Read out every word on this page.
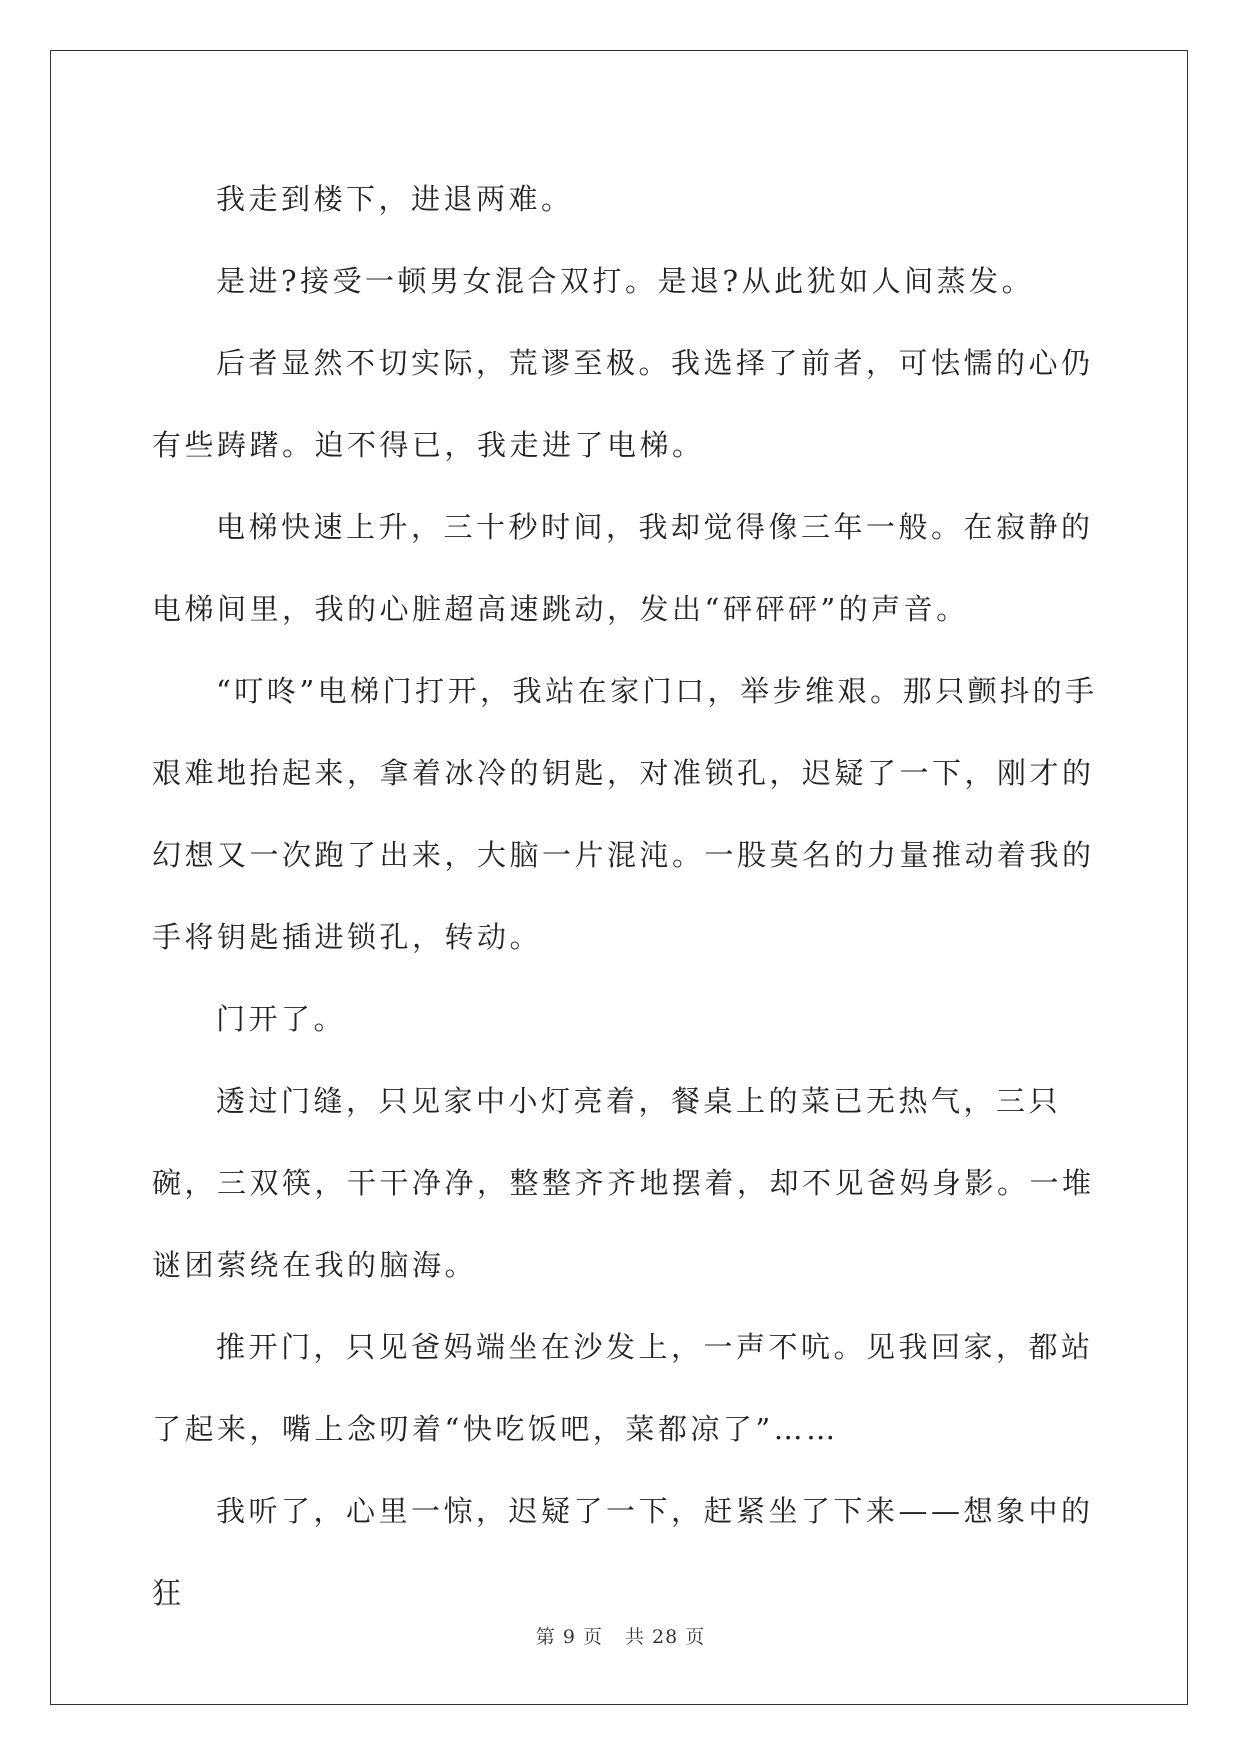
我走到楼下，进退两难。

是进?接受一顿男女混合双打。是退?从此犹如人间蒸发。

后者显然不切实际，荒谬至极。我选择了前者，可怯懦的心仍有些踌躇。迫不得已，我走进了电梯。

电梯快速上升，三十秒时间，我却觉得像三年一般。在寂静的电梯间里，我的心脏超高速跳动，发出“砰砰砰”的声音。

“叮咚”电梯门打开，我站在家门口，举步维艰。那只颤抖的手艰难地抬起来，拿着冰冷的钥匙，对准锁孔，迟疑了一下，刚才的幻想又一次跑了出来，大脑一片混沌。一股莫名的力量推动着我的手将钥匙插进锁孔，转动。

门开了。

透过门缝，只见家中小灯亮着，餐桌上的菜已无热气，三只碗，三双筷，干干净净，整整齐齐地摆着，却不见爸妈身影。一堆谜团萦绕在我的脑海。

推开门，只见爸妈端坐在沙发上，一声不吭。见我回家，都站了起来，嘴上念叨着“快吃饭吧，菜都凉了”……

我听了，心里一惊，迟疑了一下，赶紧坐了下来——想象中的狂

第 9 页 共 28 页
